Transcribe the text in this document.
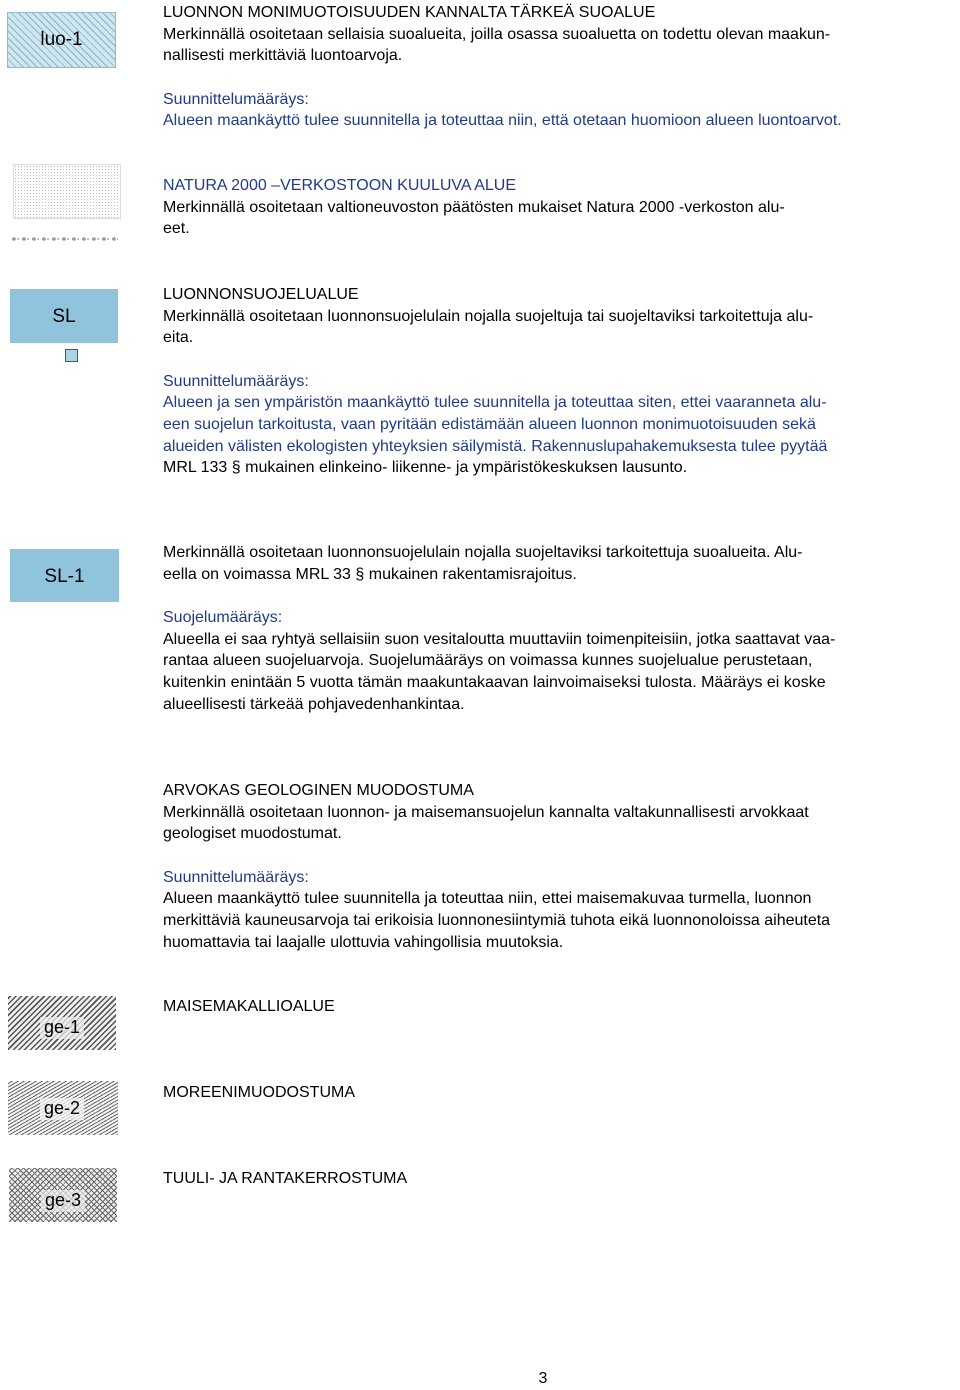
luo-1

LUONNON MONIMUOTOISUUDEN KANNALTA TÄRKEÄ SUOALUE

Merkinnällä osoitetaan sellaisia suoalueita, joilla osassa suoaluetta on todettu olevan maakun-

nallisesti merkittäviä luontoarvoja.

Suunnittelumääräys:

Alueen maankäyttö tulee suunnitella ja toteuttaa niin, että otetaan huomioon alueen luontoarvot.

NATURA 2000 –VERKOSTOON KUULUVA ALUE

Merkinnällä osoitetaan valtioneuvoston päätösten mukaiset Natura 2000 -verkoston alu-

eet.

SL

LUONNONSUOJELUALUE

Merkinnällä osoitetaan luonnonsuojelulain nojalla suojeltuja tai suojeltaviksi tarkoitettuja alu-

eita.

Suunnittelumääräys:

Alueen ja sen ympäristön maankäyttö tulee suunnitella ja toteuttaa siten, ettei vaaranneta alu-

een suojelun tarkoitusta, vaan pyritään edistämään alueen luonnon monimuotoisuuden sekä

alueiden välisten ekologisten yhteyksien säilymistä. Rakennuslupahakemuksesta tulee pyytää

MRL 133 § mukainen elinkeino- liikenne- ja ympäristökeskuksen lausunto.

SL-1

Merkinnällä osoitetaan luonnonsuojelulain nojalla suojeltaviksi tarkoitettuja suoalueita. Alu-

eella on voimassa MRL 33 § mukainen rakentamisrajoitus.

Suojelumääräys:

Alueella ei saa ryhtyä sellaisiin suon vesitaloutta muuttaviin toimenpiteisiin, jotka saattavat vaa-

rantaa alueen suojeluarvoja. Suojelumääräys on voimassa kunnes suojelualue perustetaan,

kuitenkin enintään 5 vuotta tämän maakuntakaavan lainvoimaiseksi tulosta. Määräys ei koske

alueellisesti tärkeää pohjavedenhankintaa.

ARVOKAS GEOLOGINEN MUODOSTUMA

Merkinnällä osoitetaan luonnon- ja maisemansuojelun kannalta valtakunnallisesti arvokkaat

geologiset muodostumat.

Suunnittelumääräys:

Alueen maankäyttö tulee suunnitella ja toteuttaa niin, ettei maisemakuvaa turmella, luonnon

merkittäviä kauneusarvoja tai erikoisia luonnonesiintymiä tuhota eikä luonnonoloissa aiheuteta

huomattavia tai laajalle ulottuvia vahingollisia muutoksia.

ge-1

MAISEMAKALLIOALUE

ge-2

MOREENIMUODOSTUMA

ge-3

TUULI- JA RANTAKERROSTUMA

3
